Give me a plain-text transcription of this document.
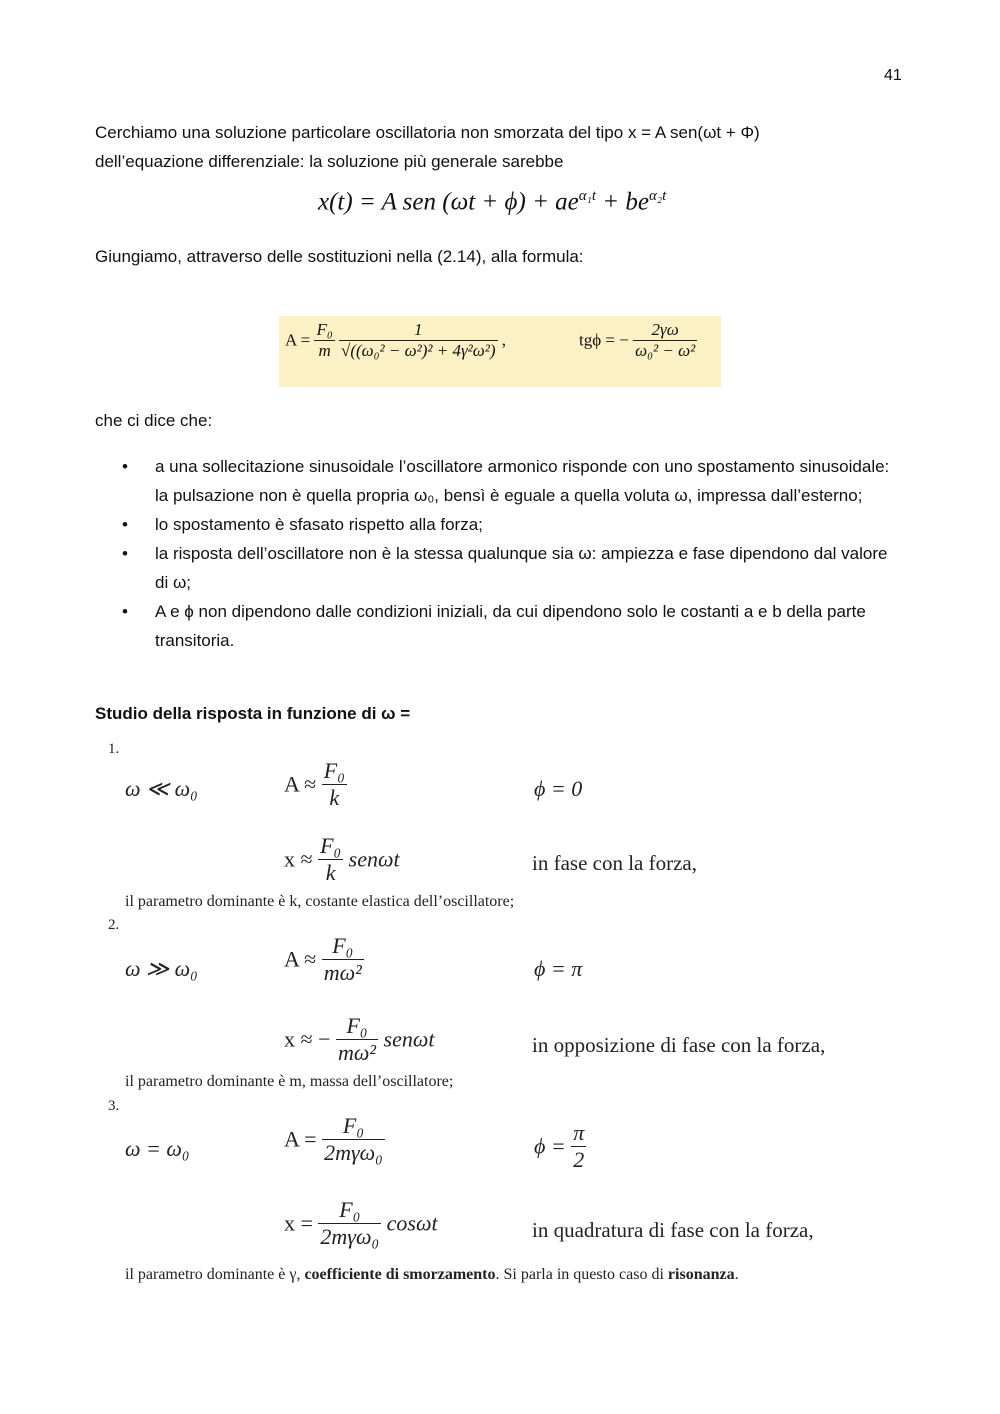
41
Cerchiamo una soluzione particolare oscillatoria non smorzata del tipo x = A sen(ωt + Φ)
dell’equazione differenziale: la soluzione più generale sarebbe
x(t) = A sen $(\omega t + \phi) + ae^{\alpha_1t} + be^{\alpha_2t}$
Giungiamo, attraverso delle sostituzioni nella (2.14), alla formula:
$A = \frac{\text{F₀}}{m}$
$\frac{1}{\text{√((ω₀² − ω²)² + 4γ²ω²)}}$ ,	tgϕ = − $\frac{2\gamma\omega}{\text{ω₀² − ω²}}$
che ci dice che:
• a una sollecitazione sinusoidale l’oscillatore armonico risponde con uno spostamento sinusoidale: la pulsazione non è quella propria ω₀, bensì è eguale a quella voluta ω, impressa dall’esterno;
• lo spostamento è sfasato rispetto alla forza;
• la risposta dell’oscillatore non è la stessa qualunque sia ω: ampiezza e fase dipendono dal valore di ω;
• A e ϕ non dipendono dalle condizioni iniziali, da cui dipendono solo le costanti a e b della parte transitoria.
Studio della risposta in funzione di ω =
1.
ω ≪ ω₀	$A \approx \frac{\text{F₀}}{k}$	ϕ = 0
$x \approx \frac{\text{F₀}}{k}$ senωt	in fase con la forza,
il parametro dominante è k, costante elastica dell’oscillatore;
2.
ω ≫ ω₀	$A \approx \frac{\text{F₀}}{\text{mω²}}$	ϕ = π
x ≈ − $\frac{\text{F₀}}{\text{mω²}}$ senωt	in opposizione di fase con la forza,
il parametro dominante è m, massa dell’oscillatore;
3.
ω = ω₀	$A = \frac{\text{F₀}}{\text{2mγω₀}}$	$\phi = \frac{\pi}{2}$
$x = \frac{\text{F₀}}{\text{2mγω₀}}$ cosωt	in quadratura di fase con la forza,
il parametro dominante è γ, coefficiente di smorzamento. Si parla in questo caso di risonanza.
